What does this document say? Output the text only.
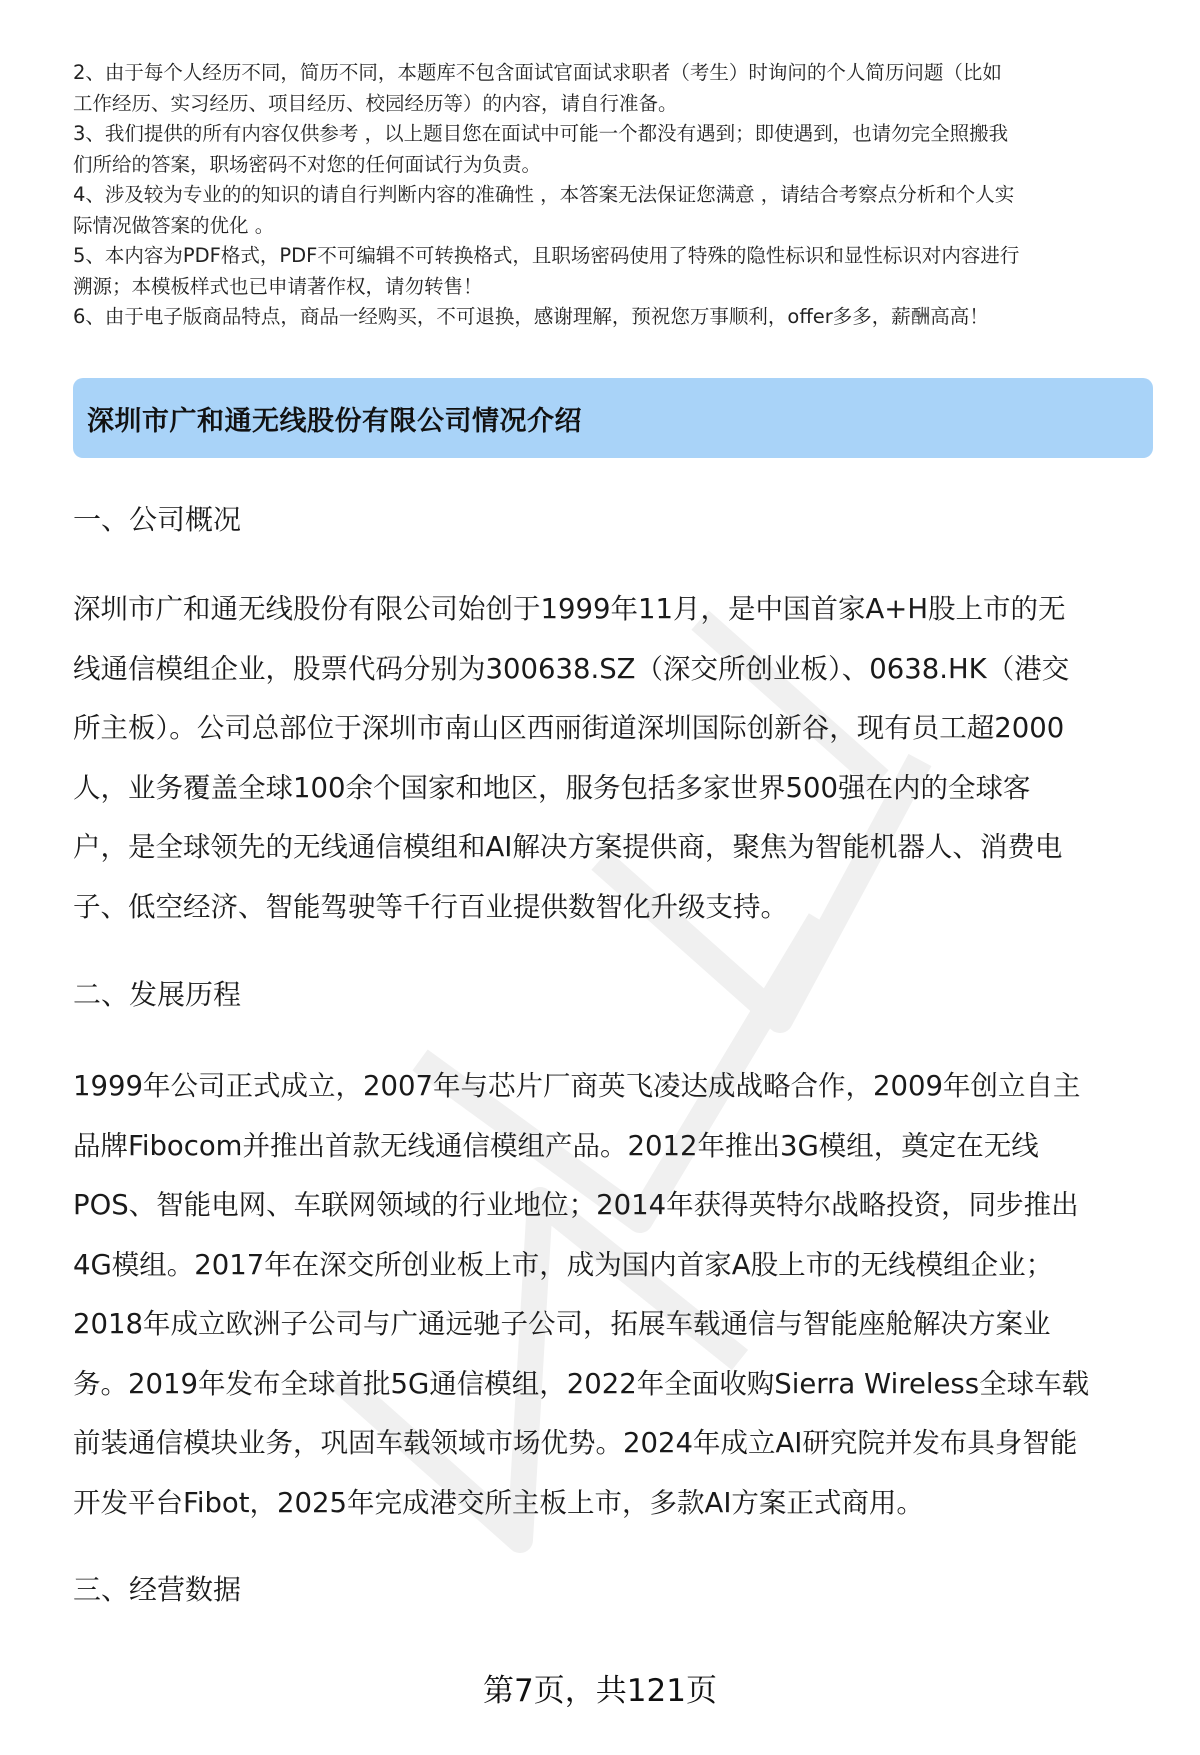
2、由于每个人经历不同，简历不同，本题库不包含面试官面试求职者（考生）时询问的个人简历问题（比如
工作经历、实习经历、项目经历、校园经历等）的内容，请自行准备。
3、我们提供的所有内容仅供参考 ，以上题目您在面试中可能一个都没有遇到；即使遇到，也请勿完全照搬我
们所给的答案，职场密码不对您的任何面试行为负责。
4、涉及较为专业的的知识的请自行判断内容的准确性 ，本答案无法保证您满意 ，请结合考察点分析和个人实
际情况做答案的优化 。
5、本内容为PDF格式，PDF不可编辑不可转换格式，且职场密码使用了特殊的隐性标识和显性标识对内容进行
溯源；本模板样式也已申请著作权，请勿转售！
6、由于电子版商品特点，商品一经购买，不可退换，感谢理解，预祝您万事顺利，offer多多，薪酬高高！
深圳市广和通无线股份有限公司情况介绍
一、公司概况
深圳市广和通无线股份有限公司始创于1999年11月，是中国首家A+H股上市的无
线通信模组企业，股票代码分别为300638.SZ（深交所创业板）、0638.HK（港交
所主板）。公司总部位于深圳市南山区西丽街道深圳国际创新谷，现有员工超2000
人，业务覆盖全球100余个国家和地区，服务包括多家世界500强在内的全球客
户，是全球领先的无线通信模组和AI解决方案提供商，聚焦为智能机器人、消费电
子、低空经济、智能驾驶等千行百业提供数智化升级支持。
二、发展历程
1999年公司正式成立，2007年与芯片厂商英飞凌达成战略合作，2009年创立自主
品牌Fibocom并推出首款无线通信模组产品。2012年推出3G模组，奠定在无线
POS、智能电网、车联网领域的行业地位；2014年获得英特尔战略投资，同步推出
4G模组。2017年在深交所创业板上市，成为国内首家A股上市的无线模组企业；
2018年成立欧洲子公司与广通远驰子公司，拓展车载通信与智能座舱解决方案业
务。2019年发布全球首批5G通信模组，2022年全面收购Sierra Wireless全球车载
前装通信模块业务，巩固车载领域市场优势。2024年成立AI研究院并发布具身智能
开发平台Fibot，2025年完成港交所主板上市，多款AI方案正式商用。
三、经营数据
第7页，共121页
